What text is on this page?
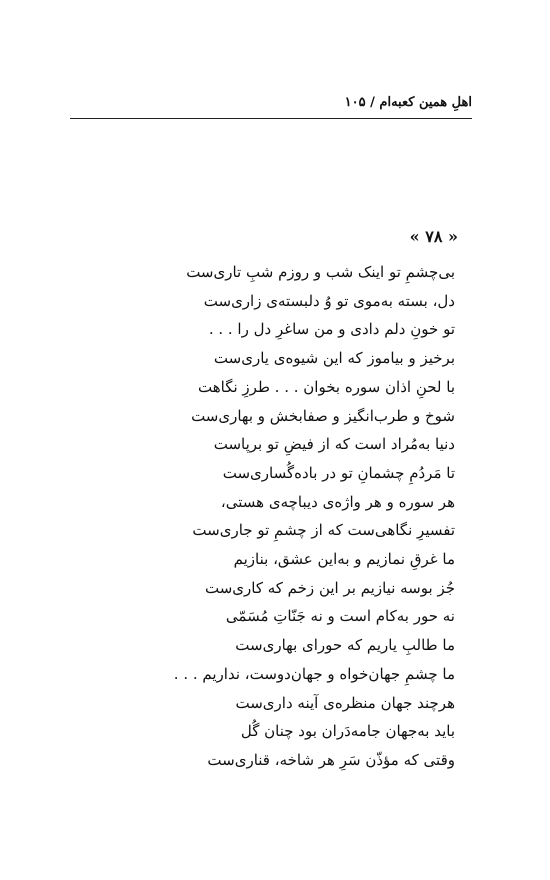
اهلِ همین کعبه‌ام / ۱۰۵
« ۷۸ »
بی‌چشمِ تو اینک شب و روزم شبِ تاری‌ست
دل، بسته به‌موی تو وُ دلبسته‌ی زاری‌ست
تو خونِ دلم دادی و من ساغرِ دل را . . .
برخیز و بیاموز که این شیوه‌ی یاری‌ست
با لحنِ اذان سوره بخوان . . . طرزِ نگاهت
شوخ و طرب‌انگیز و صفابخش و بهاری‌ست
دنیا به‌مُراد است که از فیضِ تو برپاست
تا مَردُمِ چشمانِ تو در باده‌گُساری‌ست
هر سوره و هر واژه‌ی دیباچه‌ی هستی،
تفسیرِ نگاهی‌ست که از چشمِ تو جاری‌ست
ما غرقِ نمازیم و به‌این عشق، بنازیم
جُز بوسه نیازیم بر این زخم که کاری‌ست
نه حور به‌کام است و نه جَنّاتِ مُسَمّی
ما طالبِ یاریم که حورای بهاری‌ست
ما چشمِ جهان‌خواه و جهان‌دوست، نداریم . . .
هرچند جهان منظره‌ی آینه داری‌ست
باید به‌جهان جامه‌دَران بود چنان گُل
وقتی که مؤذّن سَرِ هر شاخه، قناری‌ست
